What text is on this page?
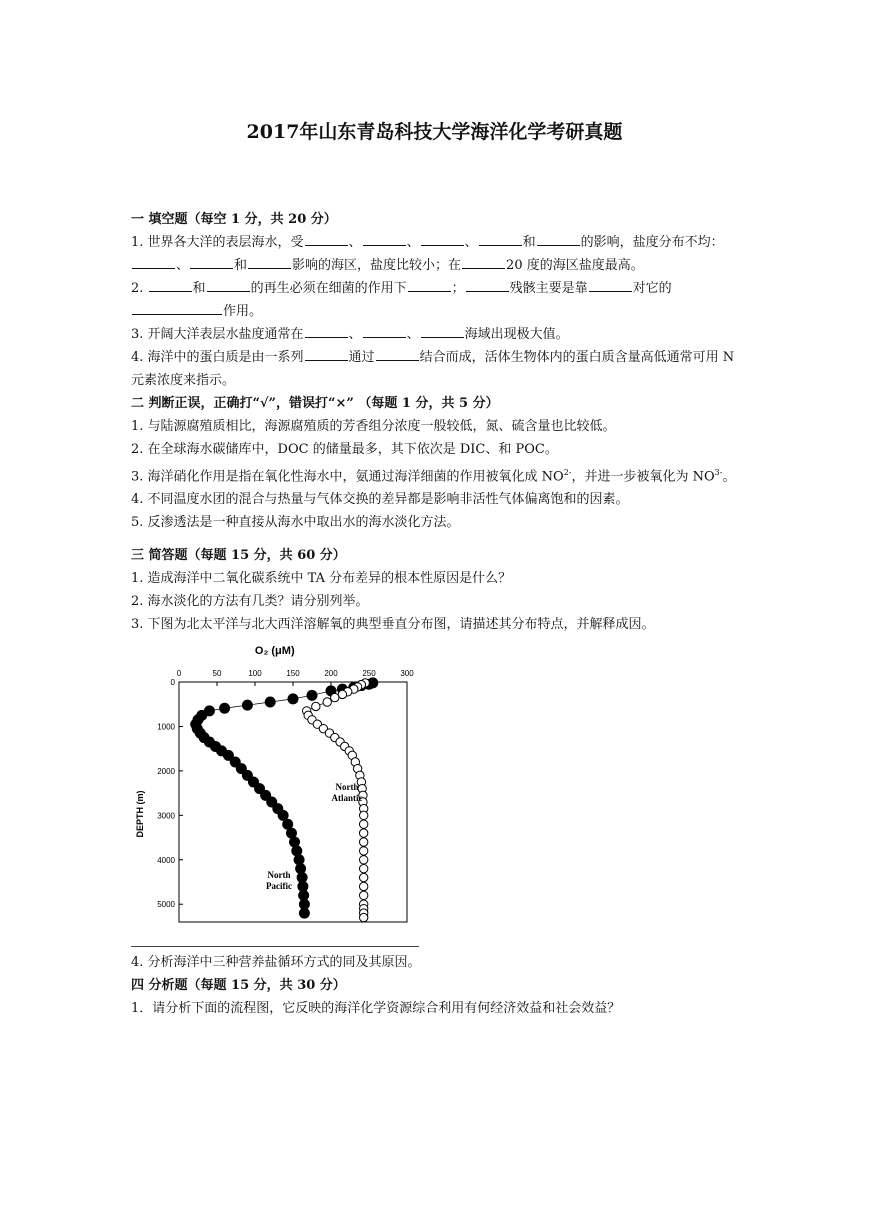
2017年山东青岛科技大学海洋化学考研真题
一 填空题（每空 1 分，共 20 分）
1. 世界各大洋的表层海水，受	、	、	、	和	的影响，盐度分布不均：、	和	影响的海区，盐度比较小；在	20 度的海区盐度最高。
2.	和	的再生必须在细菌的作用下	；	残骸主要是靠	对它的
作用。
3. 开阔大洋表层水盐度通常在	、	、	海域出现极大值。
4. 海洋中的蛋白质是由一系列	通过	结合而成，活体生物体内的蛋白质含量高低通常可用 N 元素浓度来指示。
二 判断正误，正确打“√”，错误打“×” （每题 1 分，共 5 分）
1. 与陆源腐殖质相比，海源腐殖质的芳香组分浓度一般较低，氮、硫含量也比较低。
2. 在全球海水碳储库中，DOC 的储量最多，其下依次是 DIC、和 POC。
3. 海洋硝化作用是指在氧化性海水中，氨通过海洋细菌的作用被氧化成 $NO^{2-}$，并进一步被氧化为 $NO^{3-}$。
4. 不同温度水团的混合与热量与气体交换的差异都是影响非活性气体偏离饱和的因素。
5. 反渗透法是一种直接从海水中取出水的海水淡化方法。
三 简答题（每题 15 分，共 60 分）
1. 造成海洋中二氧化碳系统中 TA 分布差异的根本性原因是什么？
2. 海水淡化的方法有几类？请分别列举。
3. 下图为北太平洋与北大西洋溶解氧的典型垂直分布图，请描述其分布特点，并解释成因。
O₂ (μM)
0	50	100	150	200	250	300
0
1000
2000
3000
4000
5000
DEPTH (m)
North
Pacific
North
Atlantic
4. 分析海洋中三种营养盐循环方式的同及其原因。
四 分析题（每题 15 分，共 30 分）
1．请分析下面的流程图，它反映的海洋化学资源综合利用有何经济效益和社会效益？
